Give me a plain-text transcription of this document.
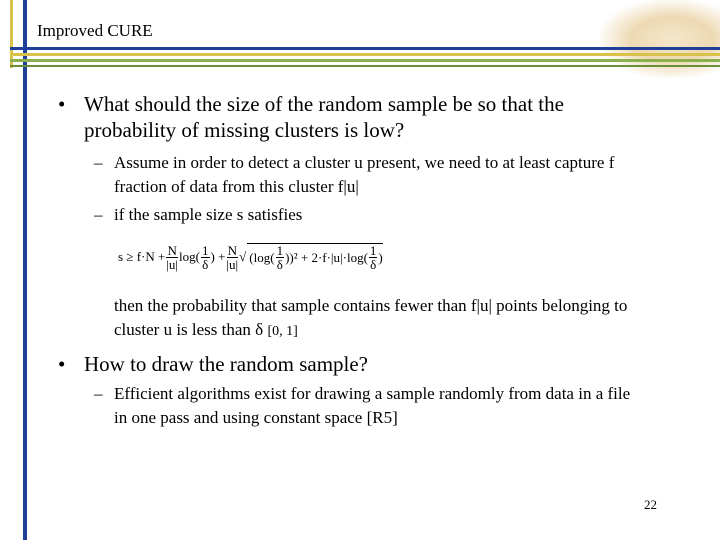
Improved CURE
• What should the size of the random sample be so that the probability of missing clusters is low?
– Assume in order to detect a cluster u present, we need to at least capture f fraction of data from this cluster f|u|
– if the sample size s satisfies
$s \ge f\cdot N + \frac{N}{|u|} \log( \frac{1}{\delta}$ ) + $\frac{N}{|u|}$ √ $(\log( \frac{1}{\delta} ))^2 + 2\cdot f\cdot|u|\cdot\log( \frac{1}{\delta}$ )
then the probability that sample contains fewer than f|u| points belonging to cluster u is less than δ [0, 1]
• How to draw the random sample?
– Efficient algorithms exist for drawing a sample randomly from data in a file in one pass and using constant space [R5]
22
